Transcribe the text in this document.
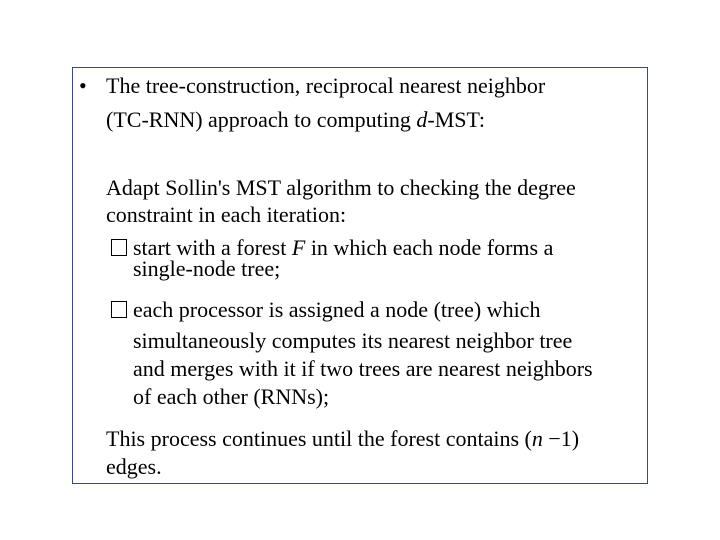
• The tree-construction, reciprocal nearest neighbor
(TC-RNN) approach to computing d-MST:
Adapt Sollin's MST algorithm to checking the degree
constraint in each iteration:
start with a forest F in which each node forms a
single-node tree;
each processor is assigned a node (tree) which
simultaneously computes its nearest neighbor tree
and merges with it if two trees are nearest neighbors
of each other (RNNs);
This process continues until the forest contains (n −1)
edges.
